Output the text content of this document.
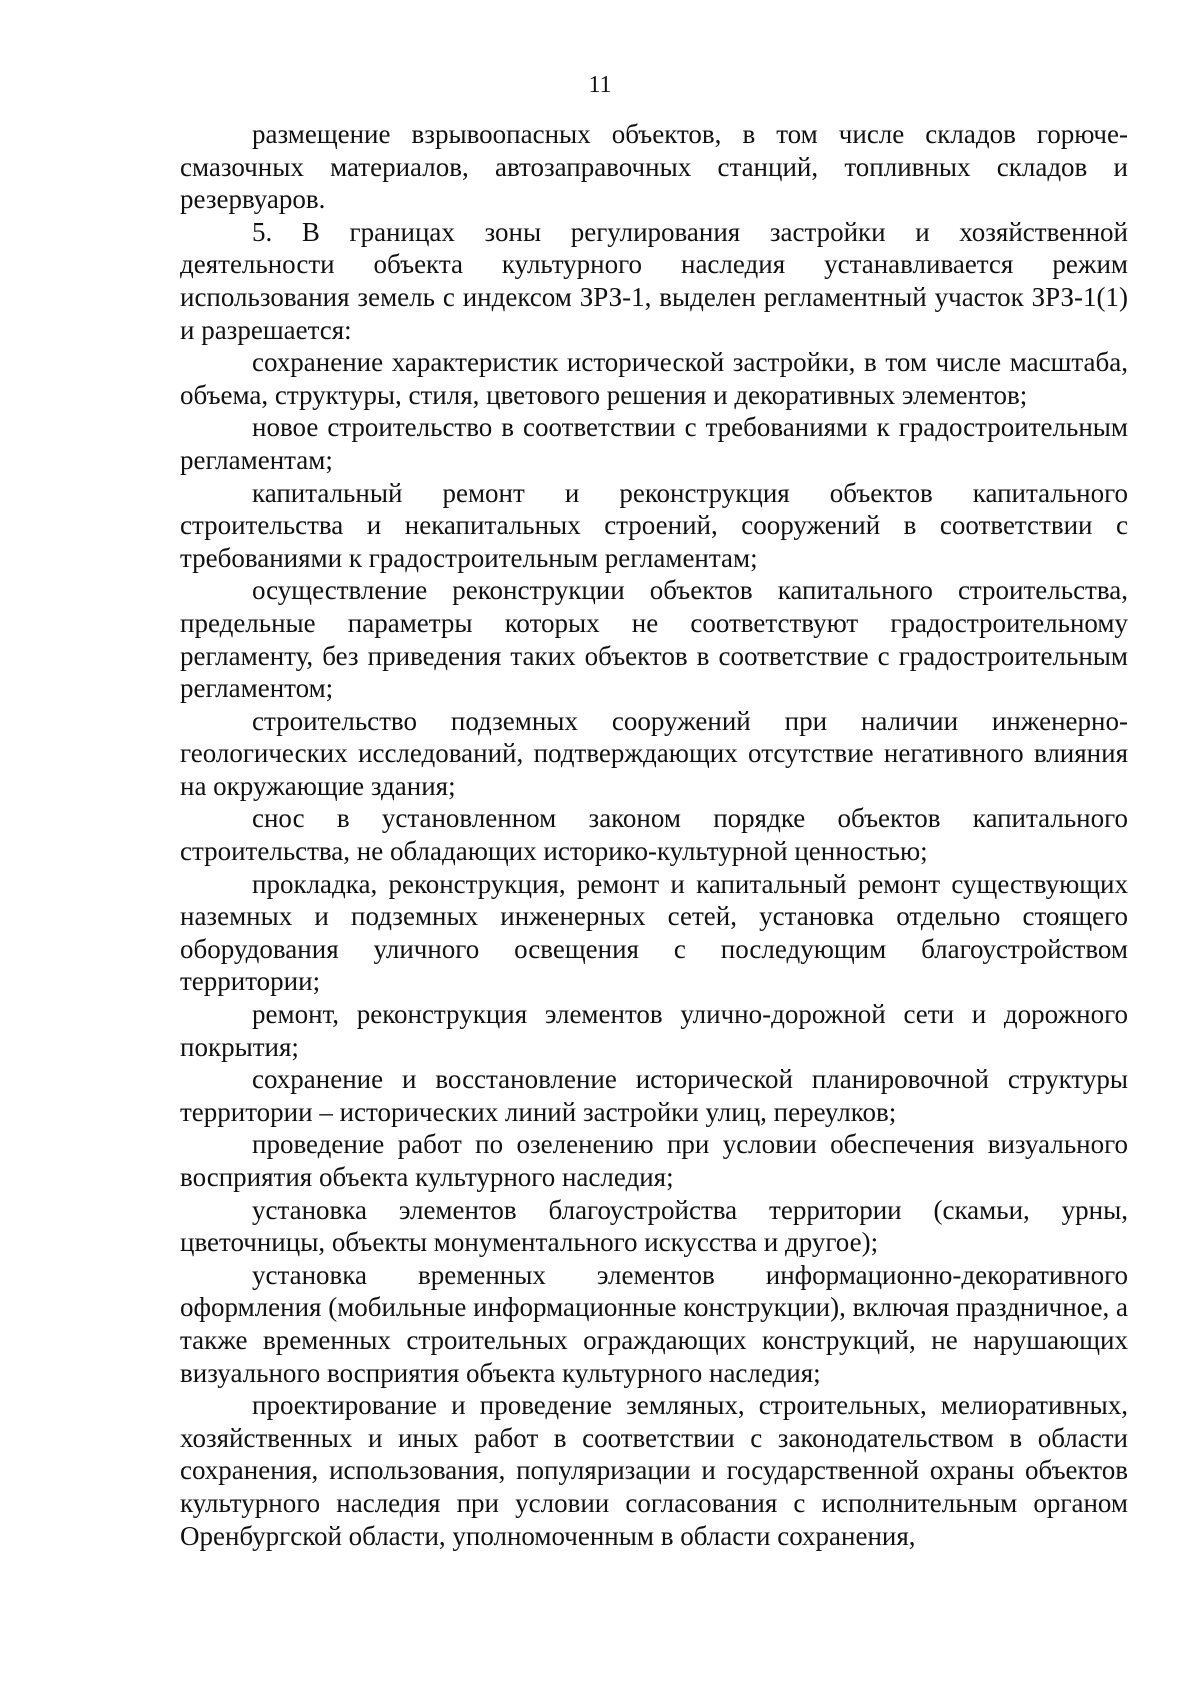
11

размещение взрывоопасных объектов, в том числе складов горюче-смазочных материалов, автозаправочных станций, топливных складов и резервуаров.

5. В границах зоны регулирования застройки и хозяйственной деятельности объекта культурного наследия устанавливается режим использования земель с индексом ЗРЗ-1, выделен регламентный участок ЗРЗ-1(1) и разрешается:

сохранение характеристик исторической застройки, в том числе масштаба, объема, структуры, стиля, цветового решения и декоративных элементов;

новое строительство в соответствии с требованиями к градостроительным регламентам;

капитальный ремонт и реконструкция объектов капитального строительства и некапитальных строений, сооружений в соответствии с требованиями к градостроительным регламентам;

осуществление реконструкции объектов капитального строительства, предельные параметры которых не соответствуют градостроительному регламенту, без приведения таких объектов в соответствие с градостроительным регламентом;

строительство подземных сооружений при наличии инженерно-геологических исследований, подтверждающих отсутствие негативного влияния на окружающие здания;

снос в установленном законом порядке объектов капитального строительства, не обладающих историко-культурной ценностью;

прокладка, реконструкция, ремонт и капитальный ремонт существующих наземных и подземных инженерных сетей, установка отдельно стоящего оборудования уличного освещения с последующим благоустройством территории;

ремонт, реконструкция элементов улично-дорожной сети и дорожного покрытия;

сохранение и восстановление исторической планировочной структуры территории – исторических линий застройки улиц, переулков;

проведение работ по озеленению при условии обеспечения визуального восприятия объекта культурного наследия;

установка элементов благоустройства территории (скамьи, урны, цветочницы, объекты монументального искусства и другое);

установка временных элементов информационно-декоративного оформления (мобильные информационные конструкции), включая праздничное, а также временных строительных ограждающих конструкций, не нарушающих визуального восприятия объекта культурного наследия;

проектирование и проведение земляных, строительных, мелиоративных, хозяйственных и иных работ в соответствии с законодательством в области сохранения, использования, популяризации и государственной охраны объектов культурного наследия при условии согласования с исполнительным органом Оренбургской области, уполномоченным в области сохранения,
